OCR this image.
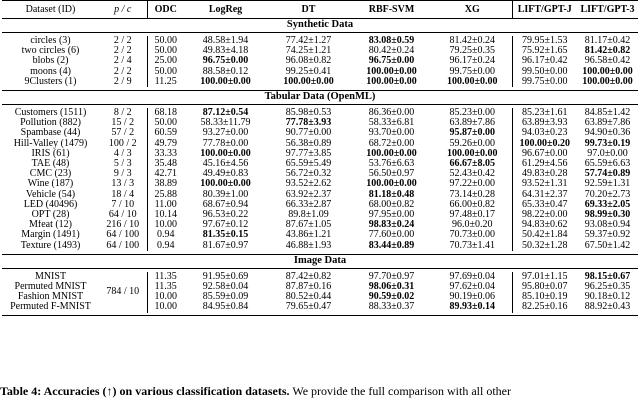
Dataset (ID)	p / c	ODC	LogReg	DT	RBF-SVM	XG	LIFT/GPT-J	LIFT/GPT-3
Synthetic Data								

circles (3)	2 / 2	50.00	48.58±1.94	77.42±1.27	83.08±0.59	81.42±0.24	79.95±1.53	81.17±0.42
two circles (6)	2 / 2	50.00	49.83±4.18	74.25±1.21	80.42±0.24	79.25±0.35	75.92±1.65	81.42±0.82
blobs (2)	2 / 4	25.00	96.75±0.00	96.08±0.82	96.75±0.00	96.17±0.24	96.17±0.42	96.58±0.42
moons (4)	2 / 2	50.00	88.58±0.12	99.25±0.41	100.00±0.00	99.75±0.00	99.50±0.00	100.00±0.00
9Clusters (1)	2 / 9	11.25	100.00±0.00	100.00±0.00	100.00±0.00	100.00±0.00	99.75±0.00	100.00±0.00

Tabular Data (OpenML)								

Customers (1511)	8 / 2	68.18	87.12±0.54	85.98±0.53	86.36±0.00	85.23±0.00	85.23±1.61	84.85±1.42
Pollution (882)	15 / 2	50.00	58.33±11.79	77.78±3.93	58.33±6.81	63.89±7.86	63.89±3.93	63.89±7.86
Spambase (44)	57 / 2	60.59	93.27±0.00	90.77±0.00	93.70±0.00	95.87±0.00	94.03±0.23	94.90±0.36
Hill-Valley (1479)	100 / 2	49.79	77.78±0.00	56.38±0.89	68.72±0.00	59.26±0.00	100.00±0.20	99.73±0.19
IRIS (61)	4 / 3	33.33	100.00±0.00	97.77±3.85	100.00±0.00	100.00±0.00	96.67±0.00	97.0±0.00
TAE (48)	5 / 3	35.48	45.16±4.56	65.59±5.49	53.76±6.63	66.67±8.05	61.29±4.56	65.59±6.63
CMC (23)	9 / 3	42.71	49.49±0.83	56.72±0.32	56.50±0.97	52.43±0.42	49.83±0.28	57.74±0.89
Wine (187)	13 / 3	38.89	100.00±0.00	93.52±2.62	100.00±0.00	97.22±0.00	93.52±1.31	92.59±1.31
Vehicle (54)	18 / 4	25.88	80.39±1.00	63.92±2.37	81.18±0.48	73.14±0.28	64.31±2.37	70.20±2.73
LED (40496)	7 / 10	11.00	68.67±0.94	66.33±2.87	68.00±0.82	66.00±0.82	65.33±0.47	69.33±2.05
OPT (28)	64 / 10	10.14	96.53±0.22	89.8±1.09	97.95±0.00	97.48±0.17	98.22±0.00	98.99±0.30
Mfeat (12)	216 / 10	10.00	97.67±0.12	87.67±1.05	98.83±0.24	96.0±0.20	94.83±0.62	93.08±0.94
Margin (1491)	64 / 100	0.94	81.35±0.15	43.86±1.21	77.60±0.00	70.73±0.00	50.42±1.84	59.37±0.92
Texture (1493)	64 / 100	0.94	81.67±0.97	46.88±1.93	83.44±0.89	70.73±1.41	50.32±1.28	67.50±1.42

Image Data								

MNIST	784 / 10	11.35	91.95±0.69	87.42±0.82	97.70±0.97	97.69±0.04	97.01±1.15	98.15±0.67
Permuted MNIST		11.35	92.58±0.04	87.87±0.16	98.06±0.31	97.62±0.04	95.80±0.07	96.25±0.35
Fashion MNIST		10.00	85.59±0.09	80.52±0.44	90.59±0.02	90.19±0.06	85.10±0.19	90.18±0.12
Permuted F-MNIST		10.00	84.95±0.84	79.65±0.47	88.33±0.37	89.93±0.14	82.25±0.16	88.92±0.43

Table 4: Accuracies (↑) on various classification datasets. We provide the full comparison with all other
